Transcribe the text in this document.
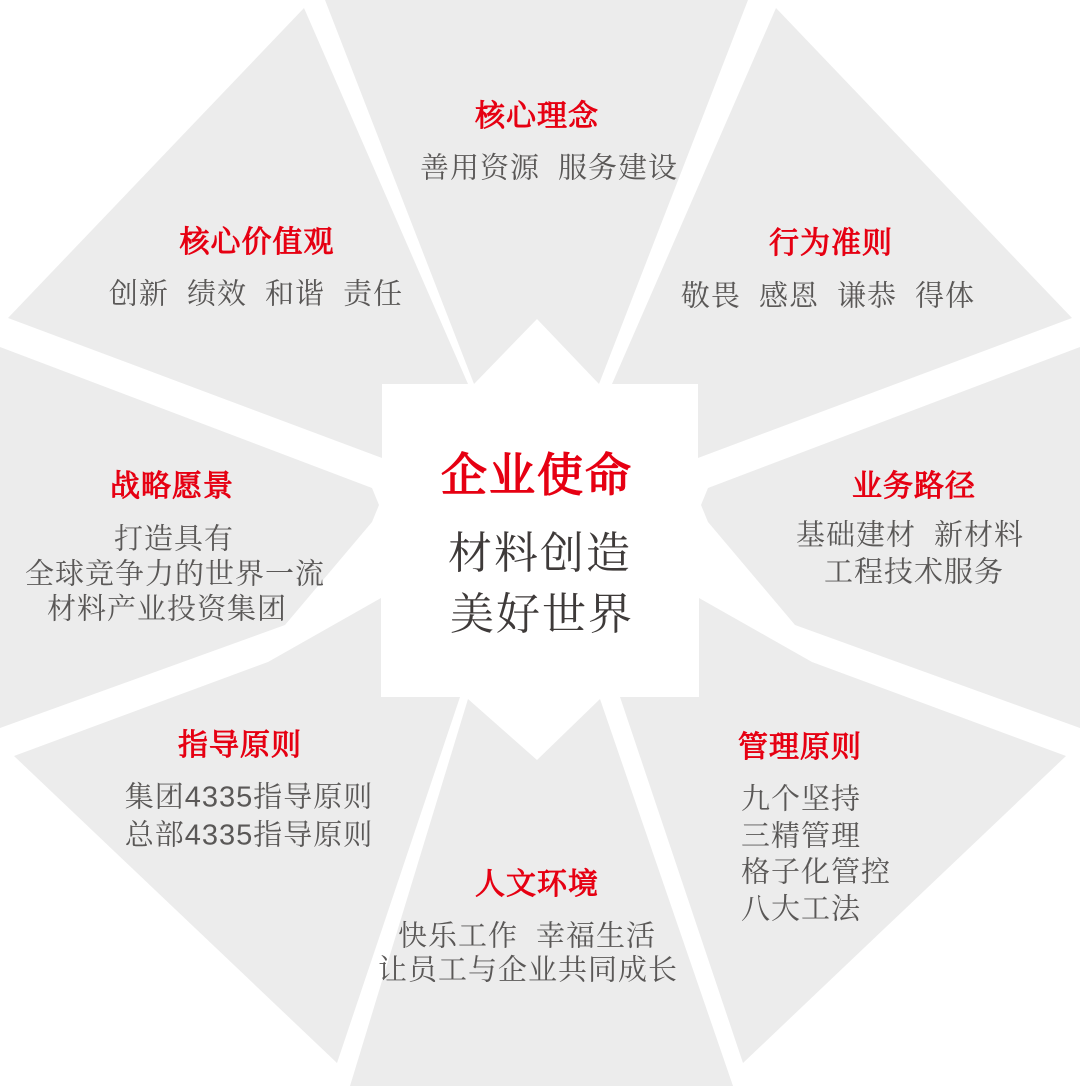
企业使命
材料创造
美好世界
核心理念
善用资源  服务建设
核心价值观
创新  绩效  和谐  责任
行为准则
敬畏  感恩  谦恭  得体
战略愿景
打造具有
全球竞争力的世界一流
材料产业投资集团
业务路径
基础建材  新材料
工程技术服务
指导原则
集团4335指导原则
总部4335指导原则
管理原则
九个坚持
三精管理
格子化管控
八大工法
人文环境
快乐工作  幸福生活
让员工与企业共同成长
